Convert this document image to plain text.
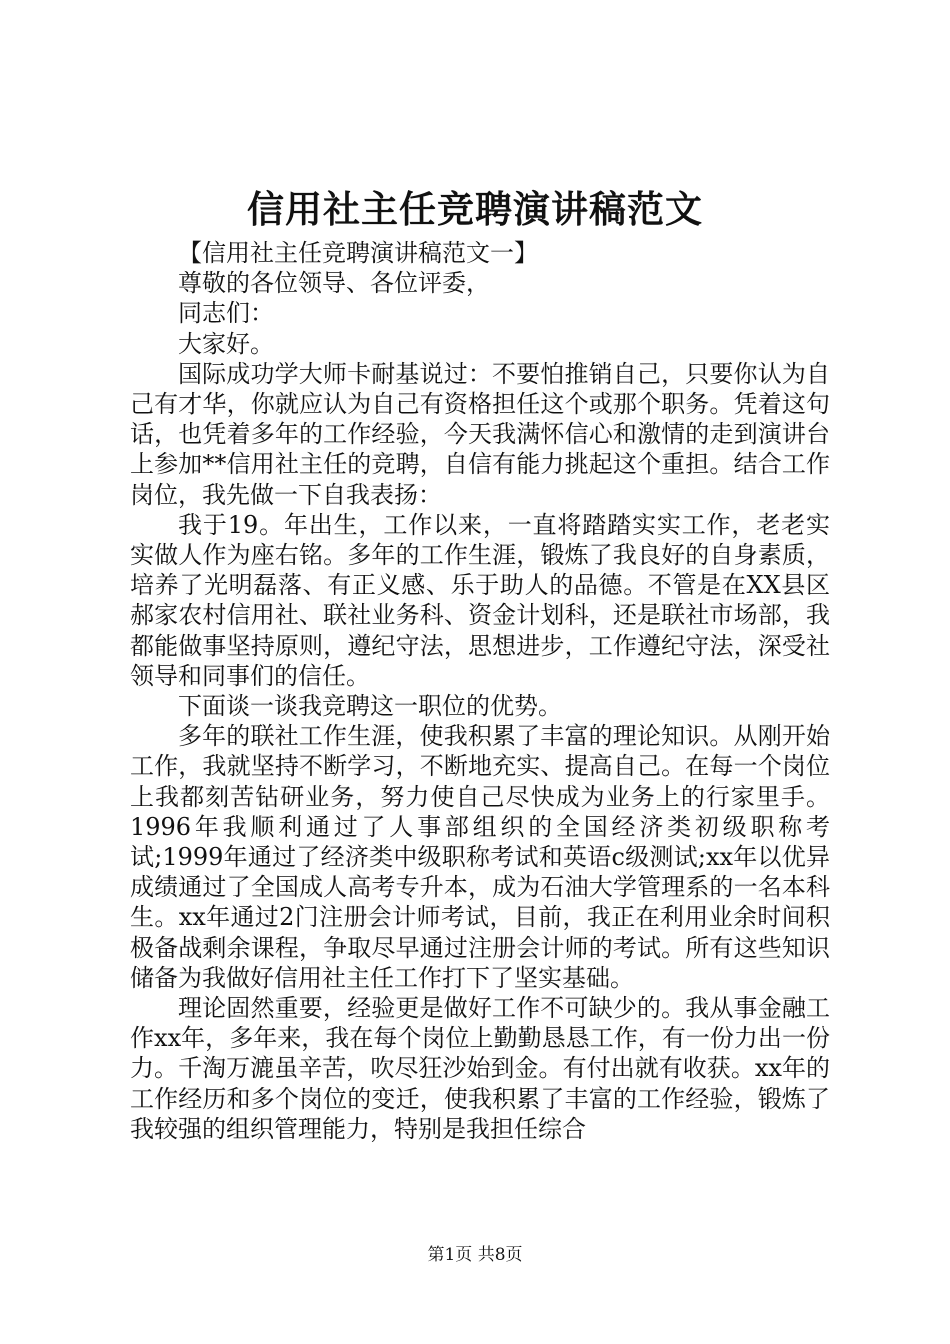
信用社主任竞聘演讲稿范文

【信用社主任竞聘演讲稿范文一】

尊敬的各位领导、各位评委，

同志们：

大家好。

国际成功学大师卡耐基说过：不要怕推销自己，只要你认为自己有才华，你就应认为自己有资格担任这个或那个职务。凭着这句话，也凭着多年的工作经验，今天我满怀信心和激情的走到演讲台上参加**信用社主任的竞聘，自信有能力挑起这个重担。结合工作岗位，我先做一下自我表扬：

我于19。年出生，工作以来，一直将踏踏实实工作，老老实实做人作为座右铭。多年的工作生涯，锻炼了我良好的自身素质，培养了光明磊落、有正义感、乐于助人的品德。不管是在XX县区郝家农村信用社、联社业务科、资金计划科，还是联社市场部，我都能做事坚持原则，遵纪守法，思想进步，工作遵纪守法，深受社领导和同事们的信任。

下面谈一谈我竞聘这一职位的优势。

多年的联社工作生涯，使我积累了丰富的理论知识。从刚开始工作，我就坚持不断学习，不断地充实、提高自己。在每一个岗位上我都刻苦钻研业务，努力使自己尽快成为业务上的行家里手。1996年我顺利通过了人事部组织的全国经济类初级职称考试;1999年通过了经济类中级职称考试和英语c级测试;xx年以优异成绩通过了全国成人高考专升本，成为石油大学管理系的一名本科生。xx年通过2门注册会计师考试，目前，我正在利用业余时间积极备战剩余课程，争取尽早通过注册会计师的考试。所有这些知识储备为我做好信用社主任工作打下了坚实基础。

理论固然重要，经验更是做好工作不可缺少的。我从事金融工作xx年，多年来，我在每个岗位上勤勤恳恳工作，有一份力出一份力。千淘万漉虽辛苦，吹尽狂沙始到金。有付出就有收获。xx年的工作经历和多个岗位的变迁，使我积累了丰富的工作经验，锻炼了我较强的组织管理能力，特别是我担任综合

第1页 共8页
